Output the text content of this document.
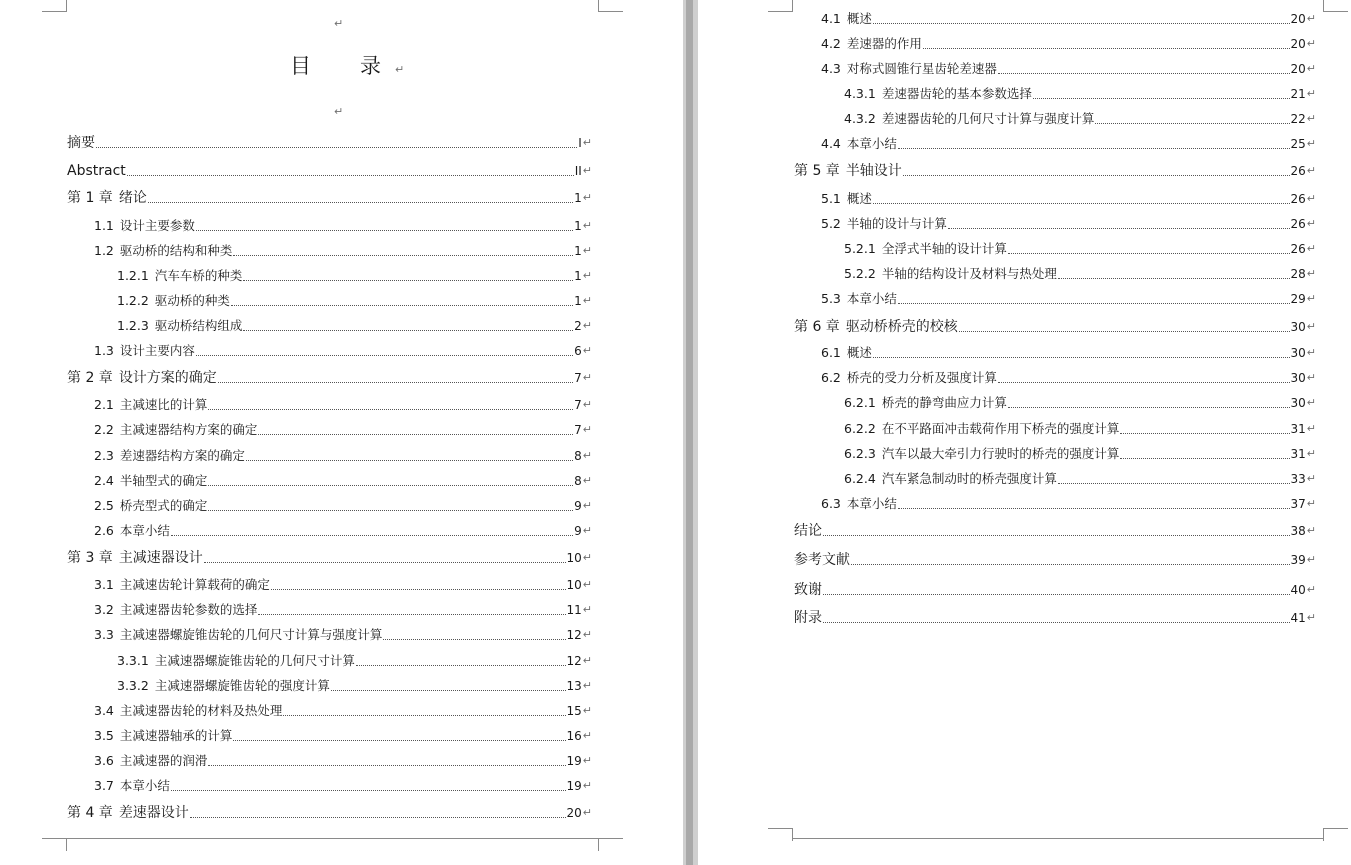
↵
目　录↵
↵
摘要	I ↵
Abstract	II ↵
第 1 章 绪论	1 ↵
1.1 设计主要参数	1 ↵
1.2 驱动桥的结构和种类	1 ↵
1.2.1 汽车车桥的种类	1 ↵
1.2.2 驱动桥的种类	1 ↵
1.2.3 驱动桥结构组成	2 ↵
1.3 设计主要内容	6 ↵
第 2 章 设计方案的确定	7 ↵
2.1 主减速比的计算	7 ↵
2.2 主减速器结构方案的确定	7 ↵
2.3 差速器结构方案的确定	8 ↵
2.4 半轴型式的确定	8 ↵
2.5 桥壳型式的确定	9 ↵
2.6 本章小结	9 ↵
第 3 章 主减速器设计	10 ↵
3.1 主减速齿轮计算载荷的确定	10 ↵
3.2 主减速器齿轮参数的选择	11 ↵
3.3 主减速器螺旋锥齿轮的几何尺寸计算与强度计算	12 ↵
3.3.1 主减速器螺旋锥齿轮的几何尺寸计算	12 ↵
3.3.2 主减速器螺旋锥齿轮的强度计算	13 ↵
3.4 主减速器齿轮的材料及热处理	15 ↵
3.5 主减速器轴承的计算	16 ↵
3.6 主减速器的润滑	19 ↵
3.7 本章小结	19 ↵
第 4 章 差速器设计	20 ↵
4.1 概述	20 ↵
4.2 差速器的作用	20 ↵
4.3 对称式圆锥行星齿轮差速器	20 ↵
4.3.1 差速器齿轮的基本参数选择	21 ↵
4.3.2 差速器齿轮的几何尺寸计算与强度计算	22 ↵
4.4 本章小结	25 ↵
第 5 章 半轴设计	26 ↵
5.1 概述	26 ↵
5.2 半轴的设计与计算	26 ↵
5.2.1 全浮式半轴的设计计算	26 ↵
5.2.2 半轴的结构设计及材料与热处理	28 ↵
5.3 本章小结	29 ↵
第 6 章 驱动桥桥壳的校核	30 ↵
6.1 概述	30 ↵
6.2 桥壳的受力分析及强度计算	30 ↵
6.2.1 桥壳的静弯曲应力计算	30 ↵
6.2.2 在不平路面冲击载荷作用下桥壳的强度计算	31 ↵
6.2.3 汽车以最大牵引力行驶时的桥壳的强度计算	31 ↵
6.2.4 汽车紧急制动时的桥壳强度计算	33 ↵
6.3 本章小结	37 ↵
结论	38 ↵
参考文献	39 ↵
致谢	40 ↵
附录	41 ↵
